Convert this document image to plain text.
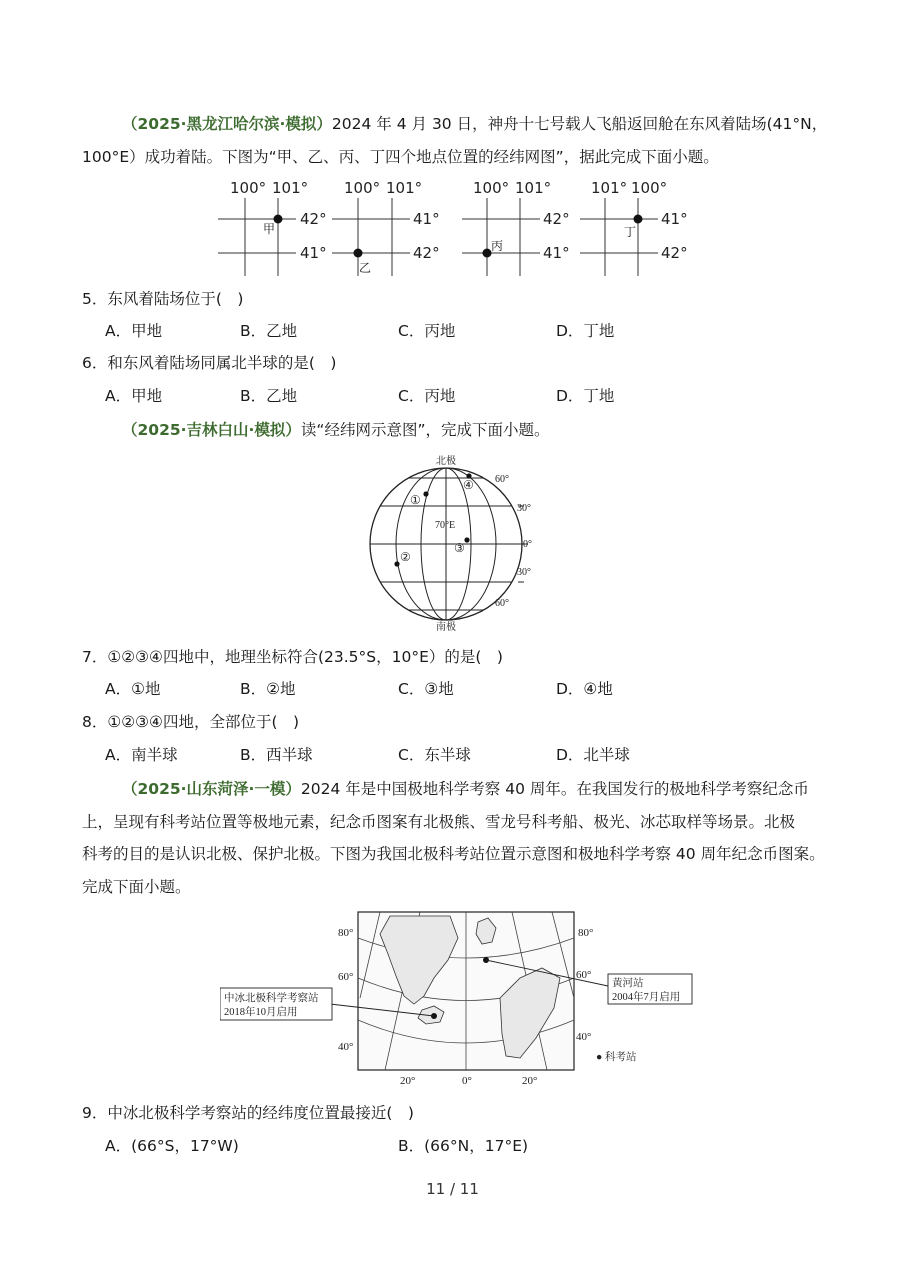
（2025·黑龙江哈尔滨·模拟）2024 年 4 月 30 日，神舟十七号载人飞船返回舱在东风着陆场(41°N，
100°E）成功着陆。下图为“甲、乙、丙、丁四个地点位置的经纬网图”，据此完成下面小题。
100° 101°
42°
41°
甲
100° 101°
41°
42°
乙
100° 101°
42°
41°
丙
101° 100°
41°
42°
丁
5．东风着陆场位于(　)
A．甲地	B．乙地	C．丙地	D．丁地
6．和东风着陆场同属北半球的是(　)
A．甲地	B．乙地	C．丙地	D．丁地
（2025·吉林白山·模拟）读“经纬网示意图”，完成下面小题。
北极
南极
70°E
60°
30°
0°
30°
60°
①
②
③
④
7．①②③④四地中，地理坐标符合(23.5°S，10°E）的是(　)
A．①地	B．②地	C．③地	D．④地
8．①②③④四地，全部位于(　)
A．南半球	B．西半球	C．东半球	D．北半球
（2025·山东菏泽·一模）2024 年是中国极地科学考察 40 周年。在我国发行的极地科学考察纪念币
上，呈现有科考站位置等极地元素，纪念币图案有北极熊、雪龙号科考船、极光、冰芯取样等场景。北极
科考的目的是认识北极、保护北极。下图为我国北极科考站位置示意图和极地科学考察 40 周年纪念币图案。
完成下面小题。
80°
60°
40°
80°
60°
40°
20°	0°	20°
中冰北极科学考察站
2018年10月启用
黄河站
2004年7月启用
● 科考站
9．中冰北极科学考察站的经纬度位置最接近(　)
A．(66°S，17°W)	B．(66°N，17°E)
11 / 11
